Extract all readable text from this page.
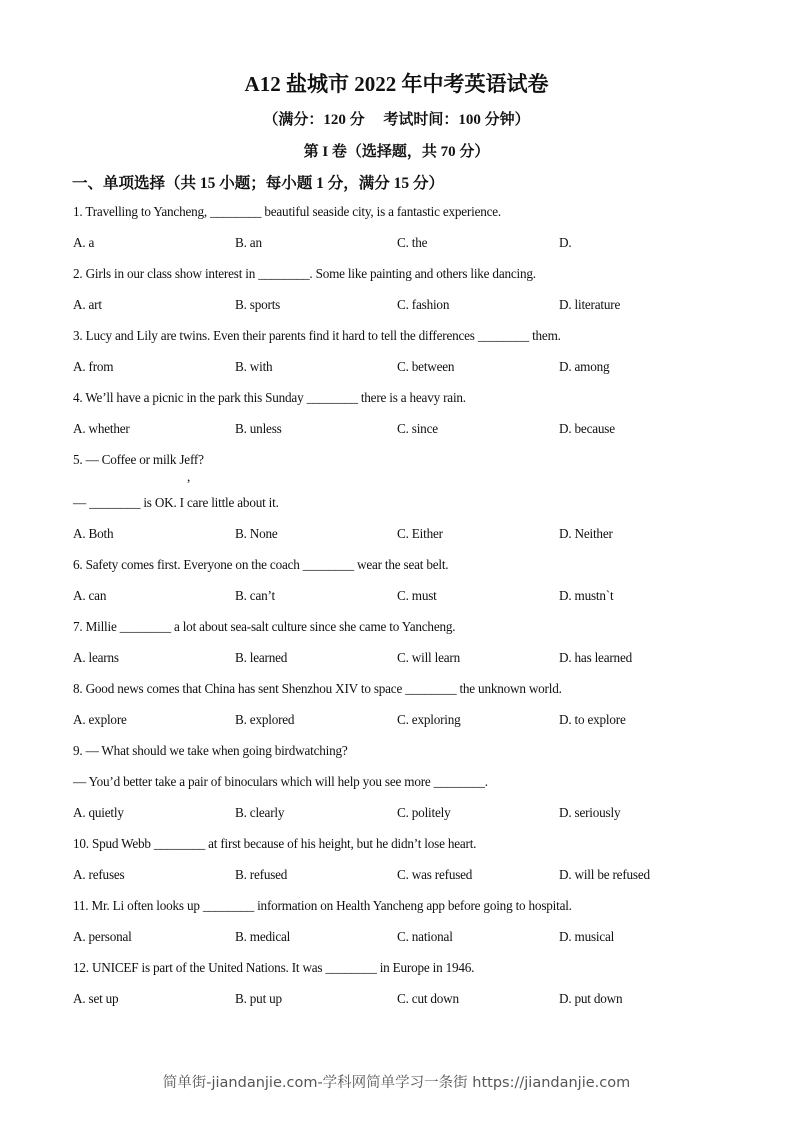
A12 盐城市 2022 年中考英语试卷
（满分：120 分　 考试时间：100 分钟）
第 I 卷（选择题，共 70 分）
一、单项选择（共 15 小题；每小题 1 分，满分 15 分）
1. Travelling to Yancheng, ________ beautiful seaside city, is a fantastic experience.
A. a	B. an	C. the	D.
2. Girls in our class show interest in ________. Some like painting and others like dancing.
A. art	B. sports	C. fashion	D. literature
3. Lucy and Lily are twins. Even their parents find it hard to tell the differences ________ them.
A. from	B. with	C. between	D. among
4. We’ll have a picnic in the park this Sunday ________ there is a heavy rain.
A. whether	B. unless	C. since	D. because
5. — Coffee or milk Jeff?
,
— ________ is OK. I care little about it.
A. Both	B. None	C. Either	D. Neither
6. Safety comes first. Everyone on the coach ________ wear the seat belt.
A. can	B. can’t	C. must	D. mustn`t
7. Millie ________ a lot about sea-salt culture since she came to Yancheng.
A. learns	B. learned	C. will learn	D. has learned
8. Good news comes that China has sent Shenzhou XIV to space ________ the unknown world.
A. explore	B. explored	C. exploring	D. to explore
9. — What should we take when going birdwatching?
— You’d better take a pair of binoculars which will help you see more ________.
A. quietly	B. clearly	C. politely	D. seriously
10. Spud Webb ________ at first because of his height, but he didn’t lose heart.
A. refuses	B. refused	C. was refused	D. will be refused
11. Mr. Li often looks up ________ information on Health Yancheng app before going to hospital.
A. personal	B. medical	C. national	D. musical
12. UNICEF is part of the United Nations. It was ________ in Europe in 1946.
A. set up	B. put up	C. cut down	D. put down
简单街-jiandanjie.com-学科网简单学习一条街 https://jiandanjie.com
